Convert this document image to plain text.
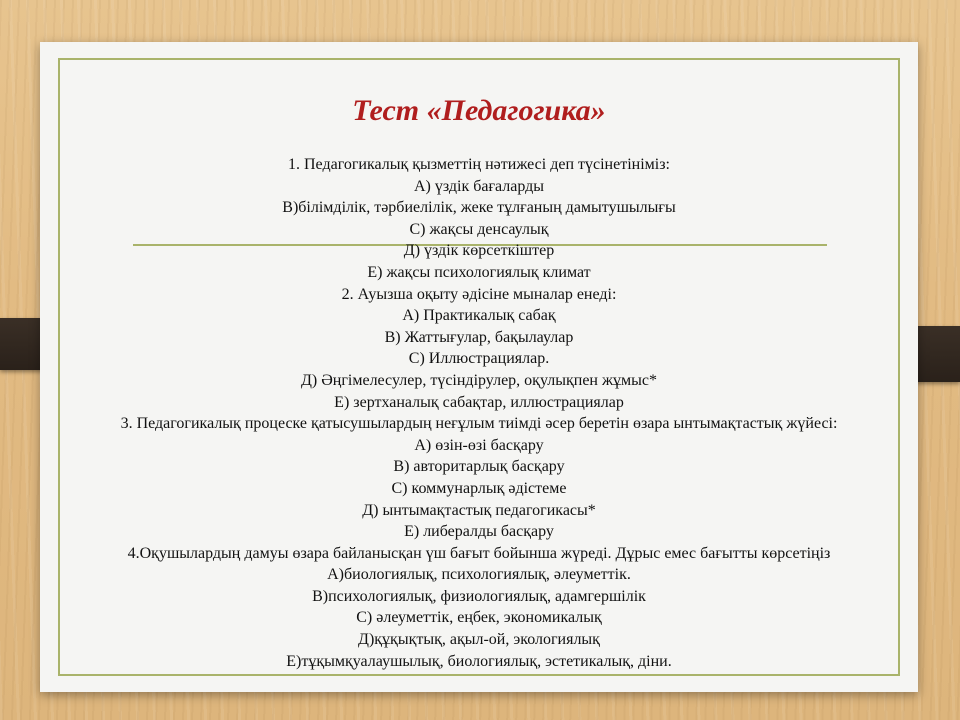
Тест «Педагогика»
1. Педагогикалық қызметтің нәтижесі деп түсінетініміз:
А) үздік бағаларды
В)білімділік, тәрбиелілік, жеке тұлғаның дамытушылығы
С) жақсы денсаулық
Д) үздік көрсеткіштер
Е) жақсы психологиялық климат
2. Ауызша оқыту әдісіне мыналар енеді:
А) Практикалық сабақ
В) Жаттығулар, бақылаулар
С) Иллюстрациялар.
Д) Әңгімелесулер, түсіндірулер, оқулықпен жұмыс*
Е) зертханалық сабақтар, иллюстрациялар
3. Педагогикалық процеске қатысушылардың неғұлым тиімді әсер беретін өзара ынтымақтастық жүйесі:
А) өзін-өзі басқару
В) авторитарлық басқару
С) коммунарлық әдістеме
Д) ынтымақтастық педагогикасы*
Е) либералды басқару
4.Оқушылардың дамуы өзара байланысқан үш бағыт бойынша жүреді. Дұрыс емес бағытты көрсетіңіз
А)биологиялық, психологиялық, әлеуметтік.
В)психологиялық, физиологиялық, адамгершілік
С) әлеуметтік, еңбек, экономикалық
Д)құқықтық, ақыл-ой, экологиялық
Е)тұқымқуалаушылық, биологиялық, эстетикалық, діни.
